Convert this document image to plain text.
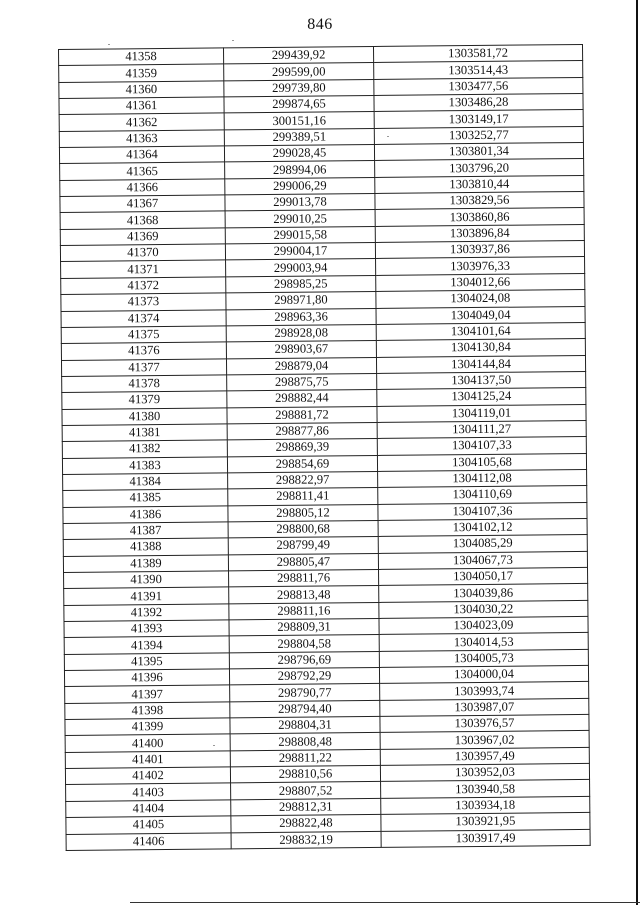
846
41358	299439,92	1303581,72
41359	299599,00	1303514,43
41360	299739,80	1303477,56
41361	299874,65	1303486,28
41362	300151,16	1303149,17
41363	299389,51	1303252,77
41364	299028,45	1303801,34
41365	298994,06	1303796,20
41366	299006,29	1303810,44
41367	299013,78	1303829,56
41368	299010,25	1303860,86
41369	299015,58	1303896,84
41370	299004,17	1303937,86
41371	299003,94	1303976,33
41372	298985,25	1304012,66
41373	298971,80	1304024,08
41374	298963,36	1304049,04
41375	298928,08	1304101,64
41376	298903,67	1304130,84
41377	298879,04	1304144,84
41378	298875,75	1304137,50
41379	298882,44	1304125,24
41380	298881,72	1304119,01
41381	298877,86	1304111,27
41382	298869,39	1304107,33
41383	298854,69	1304105,68
41384	298822,97	1304112,08
41385	298811,41	1304110,69
41386	298805,12	1304107,36
41387	298800,68	1304102,12
41388	298799,49	1304085,29
41389	298805,47	1304067,73
41390	298811,76	1304050,17
41391	298813,48	1304039,86
41392	298811,16	1304030,22
41393	298809,31	1304023,09
41394	298804,58	1304014,53
41395	298796,69	1304005,73
41396	298792,29	1304000,04
41397	298790,77	1303993,74
41398	298794,40	1303987,07
41399	298804,31	1303976,57
41400	298808,48	1303967,02
41401	298811,22	1303957,49
41402	298810,56	1303952,03
41403	298807,52	1303940,58
41404	298812,31	1303934,18
41405	298822,48	1303921,95
41406	298832,19	1303917,49
